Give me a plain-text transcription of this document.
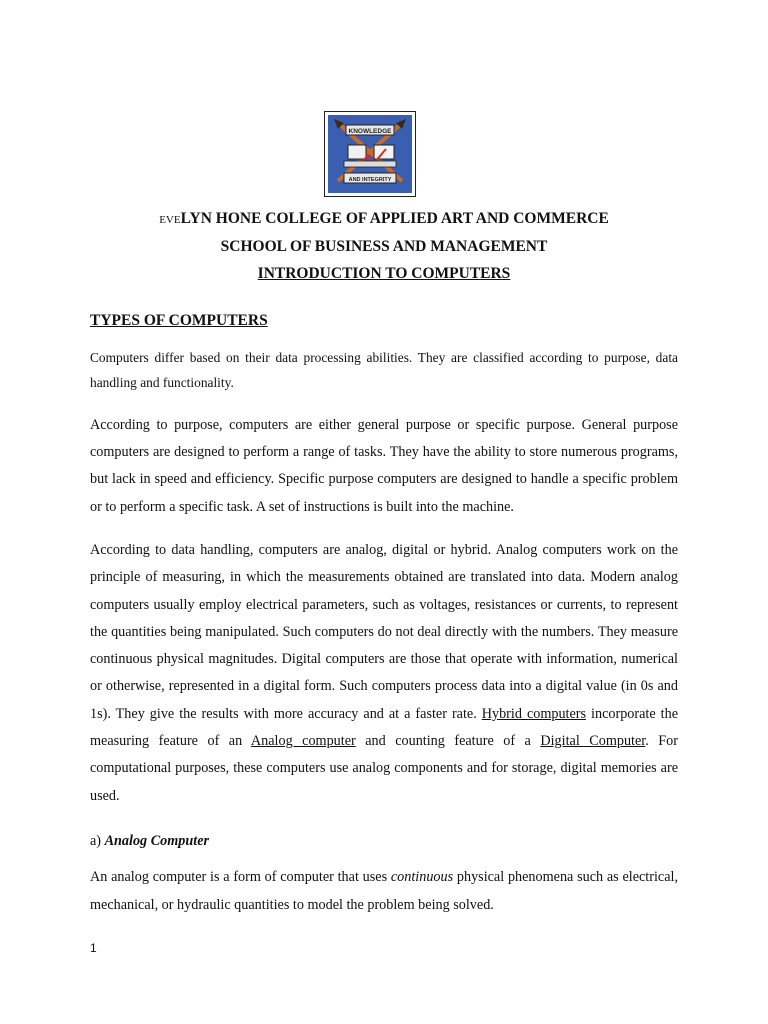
KNOWLEDGE
AND INTEGRITY
EVELYN HONE COLLEGE OF APPLIED ART AND COMMERCE
SCHOOL OF BUSINESS AND MANAGEMENT
INTRODUCTION TO COMPUTERS
TYPES OF COMPUTERS

Computers differ based on their data processing abilities. They are classified according to purpose, data handling and functionality.

According to purpose, computers are either general purpose or specific purpose. General purpose computers are designed to perform a range of tasks. They have the ability to store numerous programs, but lack in speed and efficiency. Specific purpose computers are designed to handle a specific problem or to perform a specific task. A set of instructions is built into the machine.

According to data handling, computers are analog, digital or hybrid. Analog computers work on the principle of measuring, in which the measurements obtained are translated into data. Modern analog computers usually employ electrical parameters, such as voltages, resistances or currents, to represent the quantities being manipulated. Such computers do not deal directly with the numbers. They measure continuous physical magnitudes. Digital computers are those that operate with information, numerical or otherwise, represented in a digital form. Such computers process data into a digital value (in 0s and 1s). They give the results with more accuracy and at a faster rate. Hybrid computers incorporate the measuring feature of an Analog computer and counting feature of a Digital Computer. For computational purposes, these computers use analog components and for storage, digital memories are used.

a) Analog Computer

An analog computer is a form of computer that uses continuous physical phenomena such as electrical, mechanical, or hydraulic quantities to model the problem being solved.

1
